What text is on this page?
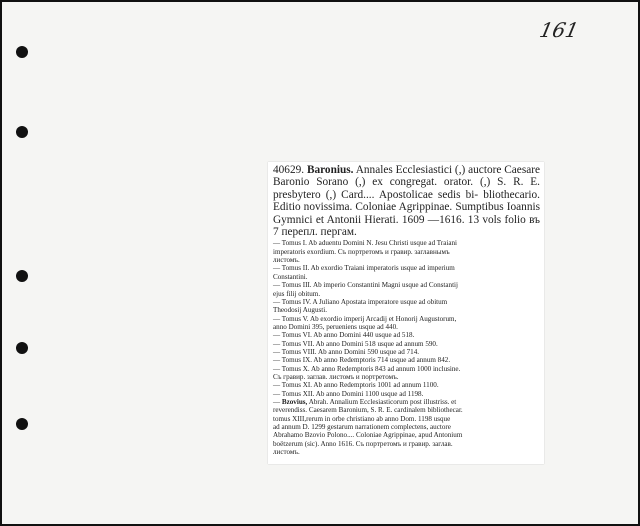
161
40629. Baronius. Annales Ecclesiastici (,) auctore Caesare Baronio Sorano (,) ex congregat. orator. (,) S. R. E. presbytero (,) Card.... Apostolicae sedis bi- bliothecario. Editio novissima. Coloniae Agrippinae. Sumptibus Ioannis Gymnici et Antonii Hierati. 1609 —1616. 13 vols folio въ 7 перепл. пергам.
— Tomus I. Ab aduentu Domini N. Jesu Christi usque ad Traiani
imperatoris exordium. Съ портретомъ и гравир. заглавнымъ
листомъ.
— Tomus II. Ab exordio Traiani imperatoris usque ad imperium
Constantini.
— Tomus III. Ab imperio Constantini Magni usque ad Constantij
ejus filij obitum.
— Tomus IV. A Juliano Apostata imperatore usque ad obitum
Theodosij Augusti.
— Tomus V. Ab exordio imperij Arcadij et Honorij Augustorum,
anno Domini 395, perueniens usque ad 440.
— Tomus VI. Ab anno Domini 440 usque ad 518.
— Tomus VII. Ab anno Domini 518 usque ad annum 590.
— Tomus VIII. Ab anno Domini 590 usque ad 714.
— Tomus IX. Ab anno Redemptoris 714 usque ad annum 842.
— Tomus X. Ab anno Redemptoris 843 ad annum 1000 inclusine.
Съ гравир. заглав. листомъ и портретомъ.
— Tomus XI. Ab anno Redemptoris 1001 ad annum 1100.
— Tomus XII. Ab anno Domini 1100 usque ad 1198.
— Bzovius, Abrah. Annalium Ecclesiasticorum post illustriss. et
reverendiss. Caesarem Baronium, S. R. E. cardinalem bibliothecar.
tomus XIII,rerum in orbe christiano ab anno Dom. 1198 usque
ad annum D. 1299 gestarum narrationem complectens, auctore
Abrahamo Bzovio Polono.... Coloniae Agrippinae, apud Antonium
boëtzerum (sic). Anno 1616. Съ портретомъ и гравир. заглав.
листомъ.
